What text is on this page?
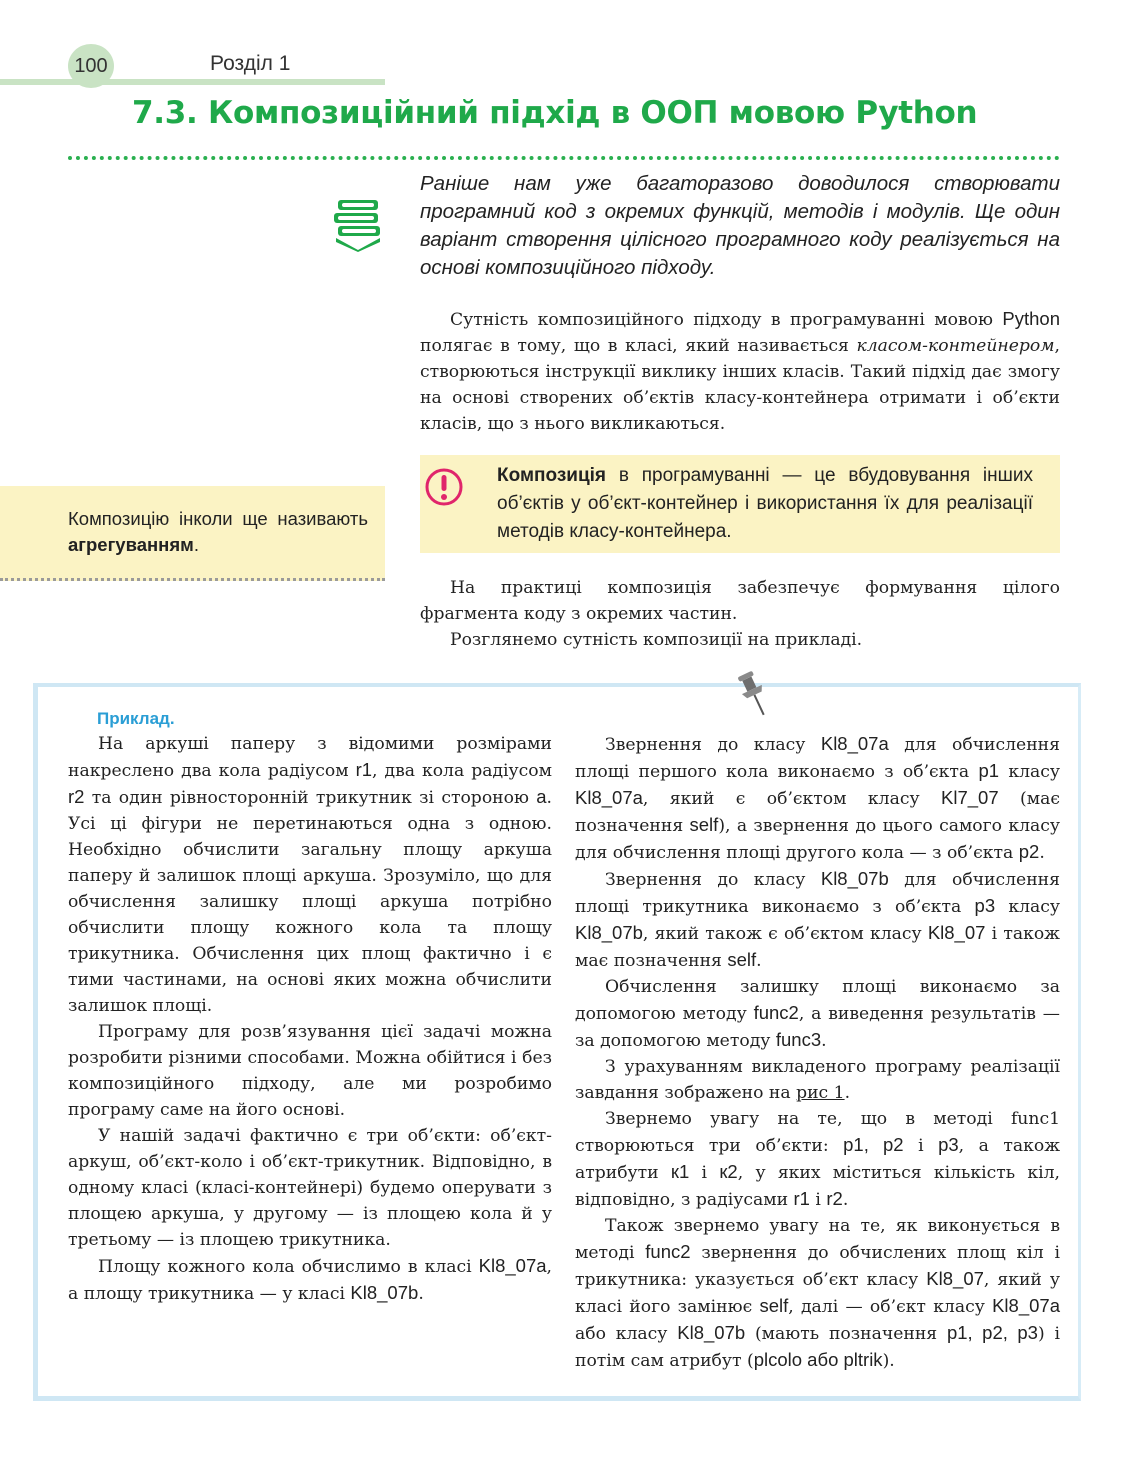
100	Розділ 1
7.3. Композиційний підхід в ООП мовою Python

Раніше нам уже багаторазово доводилося створювати програмний код з окремих функцій, методів і модулів. Ще один варіант створення цілісного програмного коду реалізується на основі композиційного підходу.

Сутність композиційного підходу в програмуванні мовою Python полягає в тому, що в класі, який називається класом-контейнером, створюються інструкції виклику інших класів. Такий підхід дає змогу на основі створених об’єктів класу-контейнера отримати і об’єкти класів, що з нього викликаються.

Композиція в програмуванні — це вбудовування інших об’єктів у об’єкт-контейнер і використання їх для реалізації методів класу-контейнера.

Композицію інколи ще називають агрегуванням.

На практиці композиція забезпечує формування цілого фрагмента коду з окремих частин.

Розглянемо сутність композиції на прикладі.

Приклад.

На аркуші паперу з відомими розмірами накреслено два кола радіусом r1, два кола радіусом r2 та один рівносторонній трикутник зі стороною a. Усі ці фігури не перетинаються одна з одною. Необхідно обчислити загальну площу аркуша паперу й залишок площі аркуша. Зрозуміло, що для обчислення залишку площі аркуша потрібно обчислити площу кожного кола та площу трикутника. Обчислення цих площ фактично і є тими частинами, на основі яких можна обчислити залишок площі.

Програму для розв’язування цієї задачі можна розробити різними способами. Можна обійтися і без композиційного підходу, але ми розробимо програму саме на його основі.

У нашій задачі фактично є три об’єкти: об’єкт-аркуш, об’єкт-коло і об’єкт-трикутник. Відповідно, в одному класі (класі-контейнері) будемо оперувати з площею аркуша, у другому — із площею кола й у третьому — із площею трикутника.

Площу кожного кола обчислимо в класі Kl8_07a, а площу трикутника — у класі Kl8_07b.

Звернення до класу Kl8_07a для обчислення площі першого кола виконаємо з об’єкта p1 класу Kl8_07a, який є об’єктом класу Kl7_07 (має позначення self), а звернення до цього самого класу для обчислення площі другого кола — з об’єкта p2.

Звернення до класу Kl8_07b для обчислення площі трикутника виконаємо з об’єкта p3 класу Kl8_07b, який також є об’єктом класу Kl8_07 і також має позначення self.

Обчислення залишку площі виконаємо за допомогою методу func2, а виведення результатів — за допомогою методу func3.

З урахуванням викладеного програму реалізації завдання зображено на рис 1.

Звернемо увагу на те, що в методі func1 створюються три об’єкти: p1, p2 і p3, а також атрибути к1 і к2, у яких міститься кількість кіл, відповідно, з радіусами r1 і r2.

Також звернемо увагу на те, як виконується в методі func2 звернення до обчислених площ кіл і трикутника: указується об’єкт класу Kl8_07, який у класі його замінює self, далі — об’єкт класу Kl8_07a або класу Kl8_07b (мають позначення p1, p2, p3) і потім сам атрибут (plcolo або pltrik).
